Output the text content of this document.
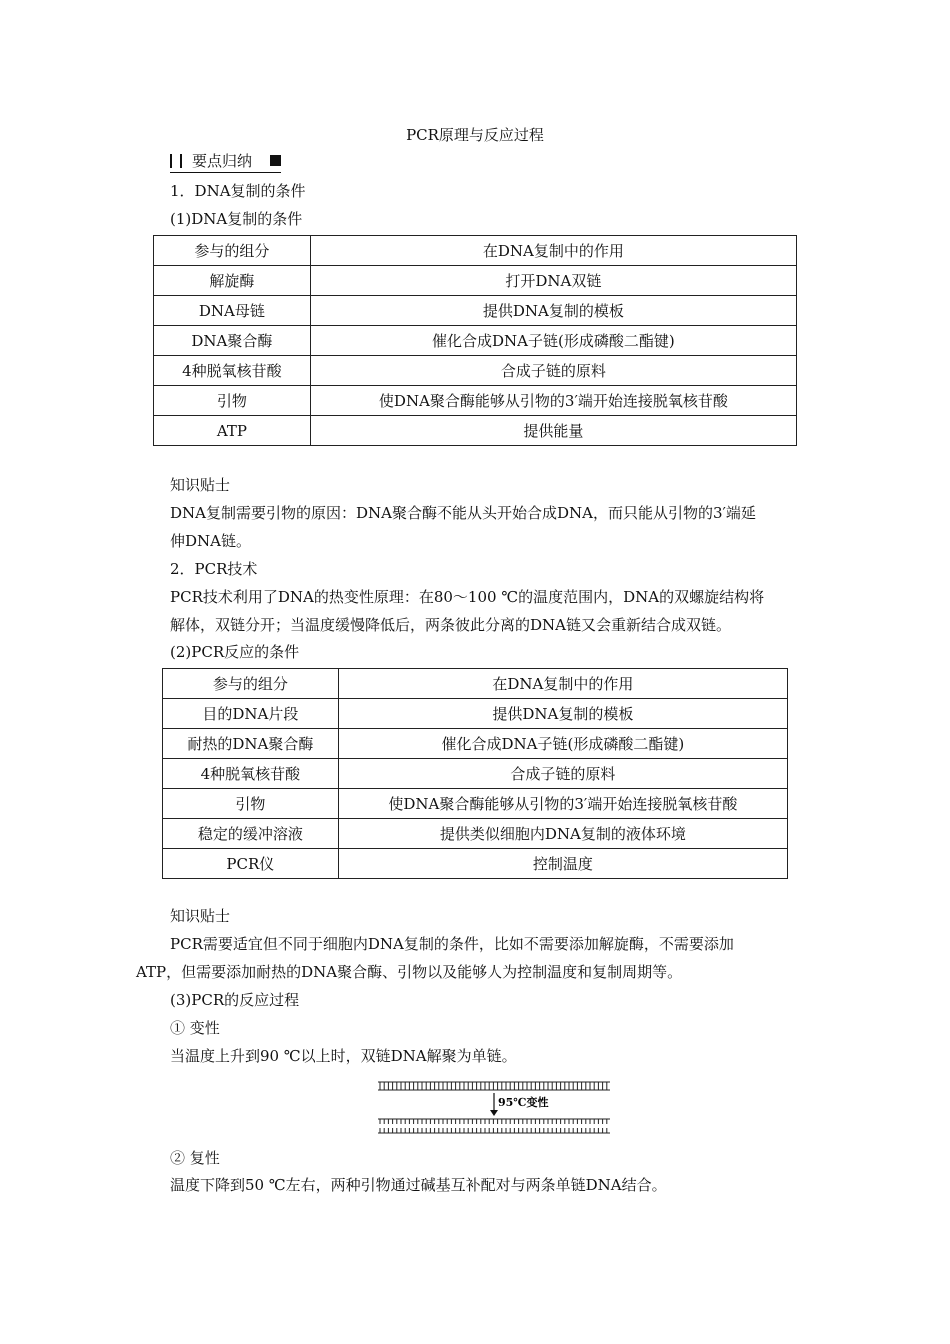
PCR原理与反应过程
要点归纳
1．DNA复制的条件
(1)DNA复制的条件
参与的组分	在DNA复制中的作用
解旋酶	打开DNA双链
DNA母链	提供DNA复制的模板
DNA聚合酶	催化合成DNA子链(形成磷酸二酯键)
4种脱氧核苷酸	合成子链的原料
引物	使DNA聚合酶能够从引物的3′端开始连接脱氧核苷酸
ATP	提供能量
知识贴士
DNA复制需要引物的原因：DNA聚合酶不能从头开始合成DNA，而只能从引物的3′端延
伸DNA链。
2．PCR技术
PCR技术利用了DNA的热变性原理：在80～100 ℃的温度范围内，DNA的双螺旋结构将
解体，双链分开；当温度缓慢降低后，两条彼此分离的DNA链又会重新结合成双链。
(2)PCR反应的条件
参与的组分	在DNA复制中的作用
目的DNA片段	提供DNA复制的模板
耐热的DNA聚合酶	催化合成DNA子链(形成磷酸二酯键)
4种脱氧核苷酸	合成子链的原料
引物	使DNA聚合酶能够从引物的3′端开始连接脱氧核苷酸
稳定的缓冲溶液	提供类似细胞内DNA复制的液体环境
PCR仪	控制温度
知识贴士
PCR需要适宜但不同于细胞内DNA复制的条件，比如不需要添加解旋酶，不需要添加
ATP，但需要添加耐热的DNA聚合酶、引物以及能够人为控制温度和复制周期等。
(3)PCR的反应过程
① 变性
当温度上升到90 ℃以上时，双链DNA解聚为单链。
95℃变性
② 复性
温度下降到50 ℃左右，两种引物通过碱基互补配对与两条单链DNA结合。
